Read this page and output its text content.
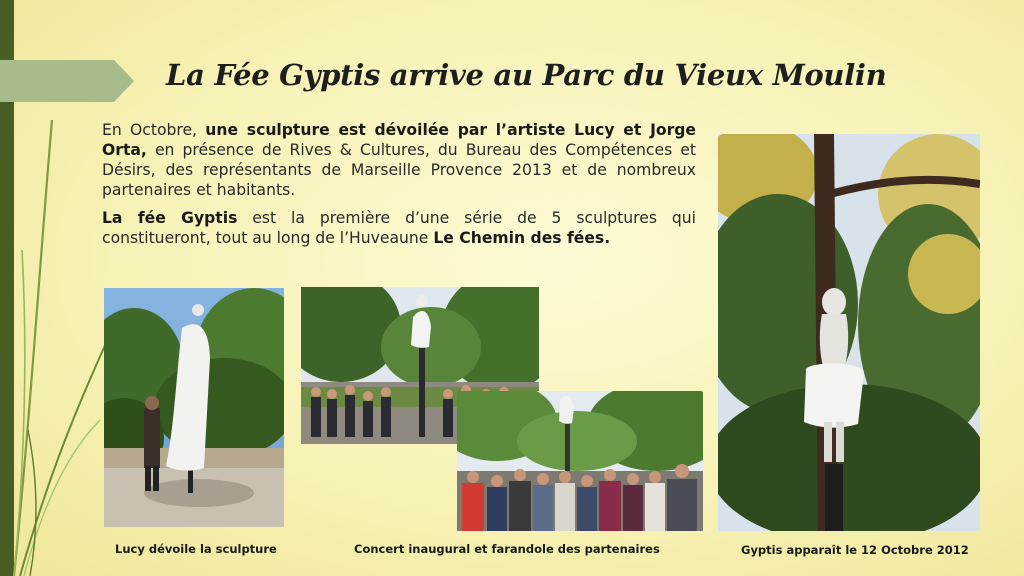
La Fée Gyptis arrive au Parc du Vieux Moulin

En Octobre, une sculpture est dévoilée par l’artiste Lucy et Jorge Orta, en présence de Rives & Cultures, du Bureau des Compétences et Désirs, des représentants de Marseille Provence 2013 et de nombreux partenaires et habitants.

La fée Gyptis est la première d’une série de 5 sculptures qui constitueront, tout au long de l’Huveaune Le Chemin des fées.

Lucy dévoile la sculpture	Concert inaugural et farandole des partenaires	Gyptis apparaît le 12 Octobre 2012
